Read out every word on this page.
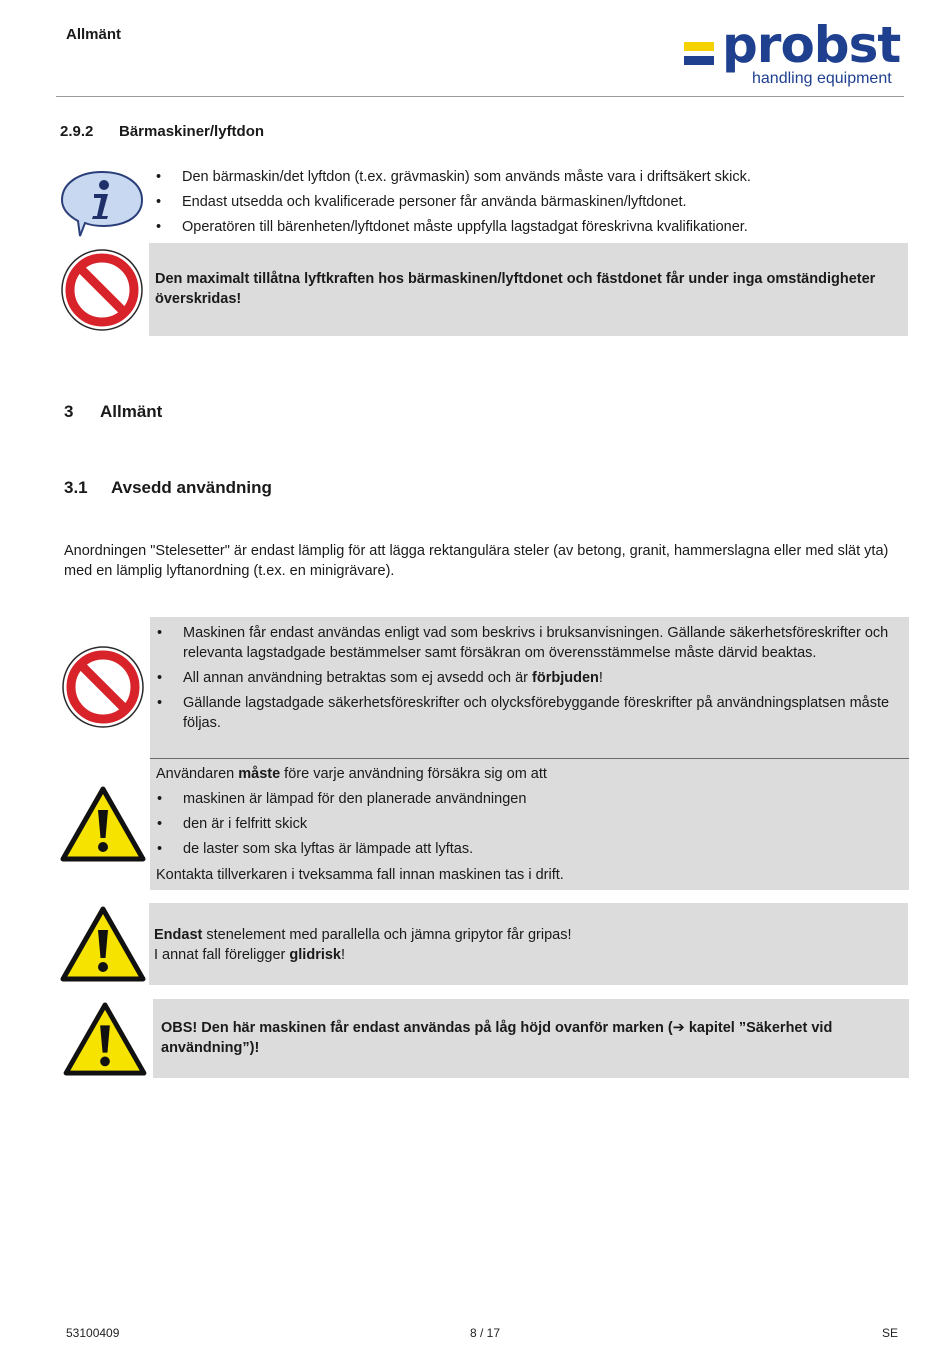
Allmänt	probst
handling equipment
2.9.2 Bärmaskiner/lyftdon
• Den bärmaskin/det lyftdon (t.ex. grävmaskin) som används måste vara i driftsäkert skick.
• Endast utsedda och kvalificerade personer får använda bärmaskinen/lyftdonet.
• Operatören till bärenheten/lyftdonet måste uppfylla lagstadgat föreskrivna kvalifikationer.
Den maximalt tillåtna lyftkraften hos bärmaskinen/lyftdonet och fästdonet får under inga omständigheter överskridas!
3 Allmänt
3.1 Avsedd användning
Anordningen "Stelesetter" är endast lämplig för att lägga rektangulära steler (av betong, granit, hammerslagna eller med slät yta) med en lämplig lyftanordning (t.ex. en minigrävare).
• Maskinen får endast användas enligt vad som beskrivs i bruksanvisningen. Gällande säkerhetsföreskrifter och relevanta lagstadgade bestämmelser samt försäkran om överensstämmelse måste därvid beaktas.
• All annan användning betraktas som ej avsedd och är förbjuden!
• Gällande lagstadgade säkerhetsföreskrifter och olycksförebyggande föreskrifter på användningsplatsen måste följas.
Användaren måste före varje användning försäkra sig om att
• maskinen är lämpad för den planerade användningen
• den är i felfritt skick
• de laster som ska lyftas är lämpade att lyftas.
Kontakta tillverkaren i tveksamma fall innan maskinen tas i drift.
Endast stenelement med parallella och jämna gripytor får gripas!
I annat fall föreligger glidrisk!
OBS! Den här maskinen får endast användas på låg höjd ovanför marken (➔ kapitel ”Säkerhet vid användning”)!
53100409	8 / 17	SE
